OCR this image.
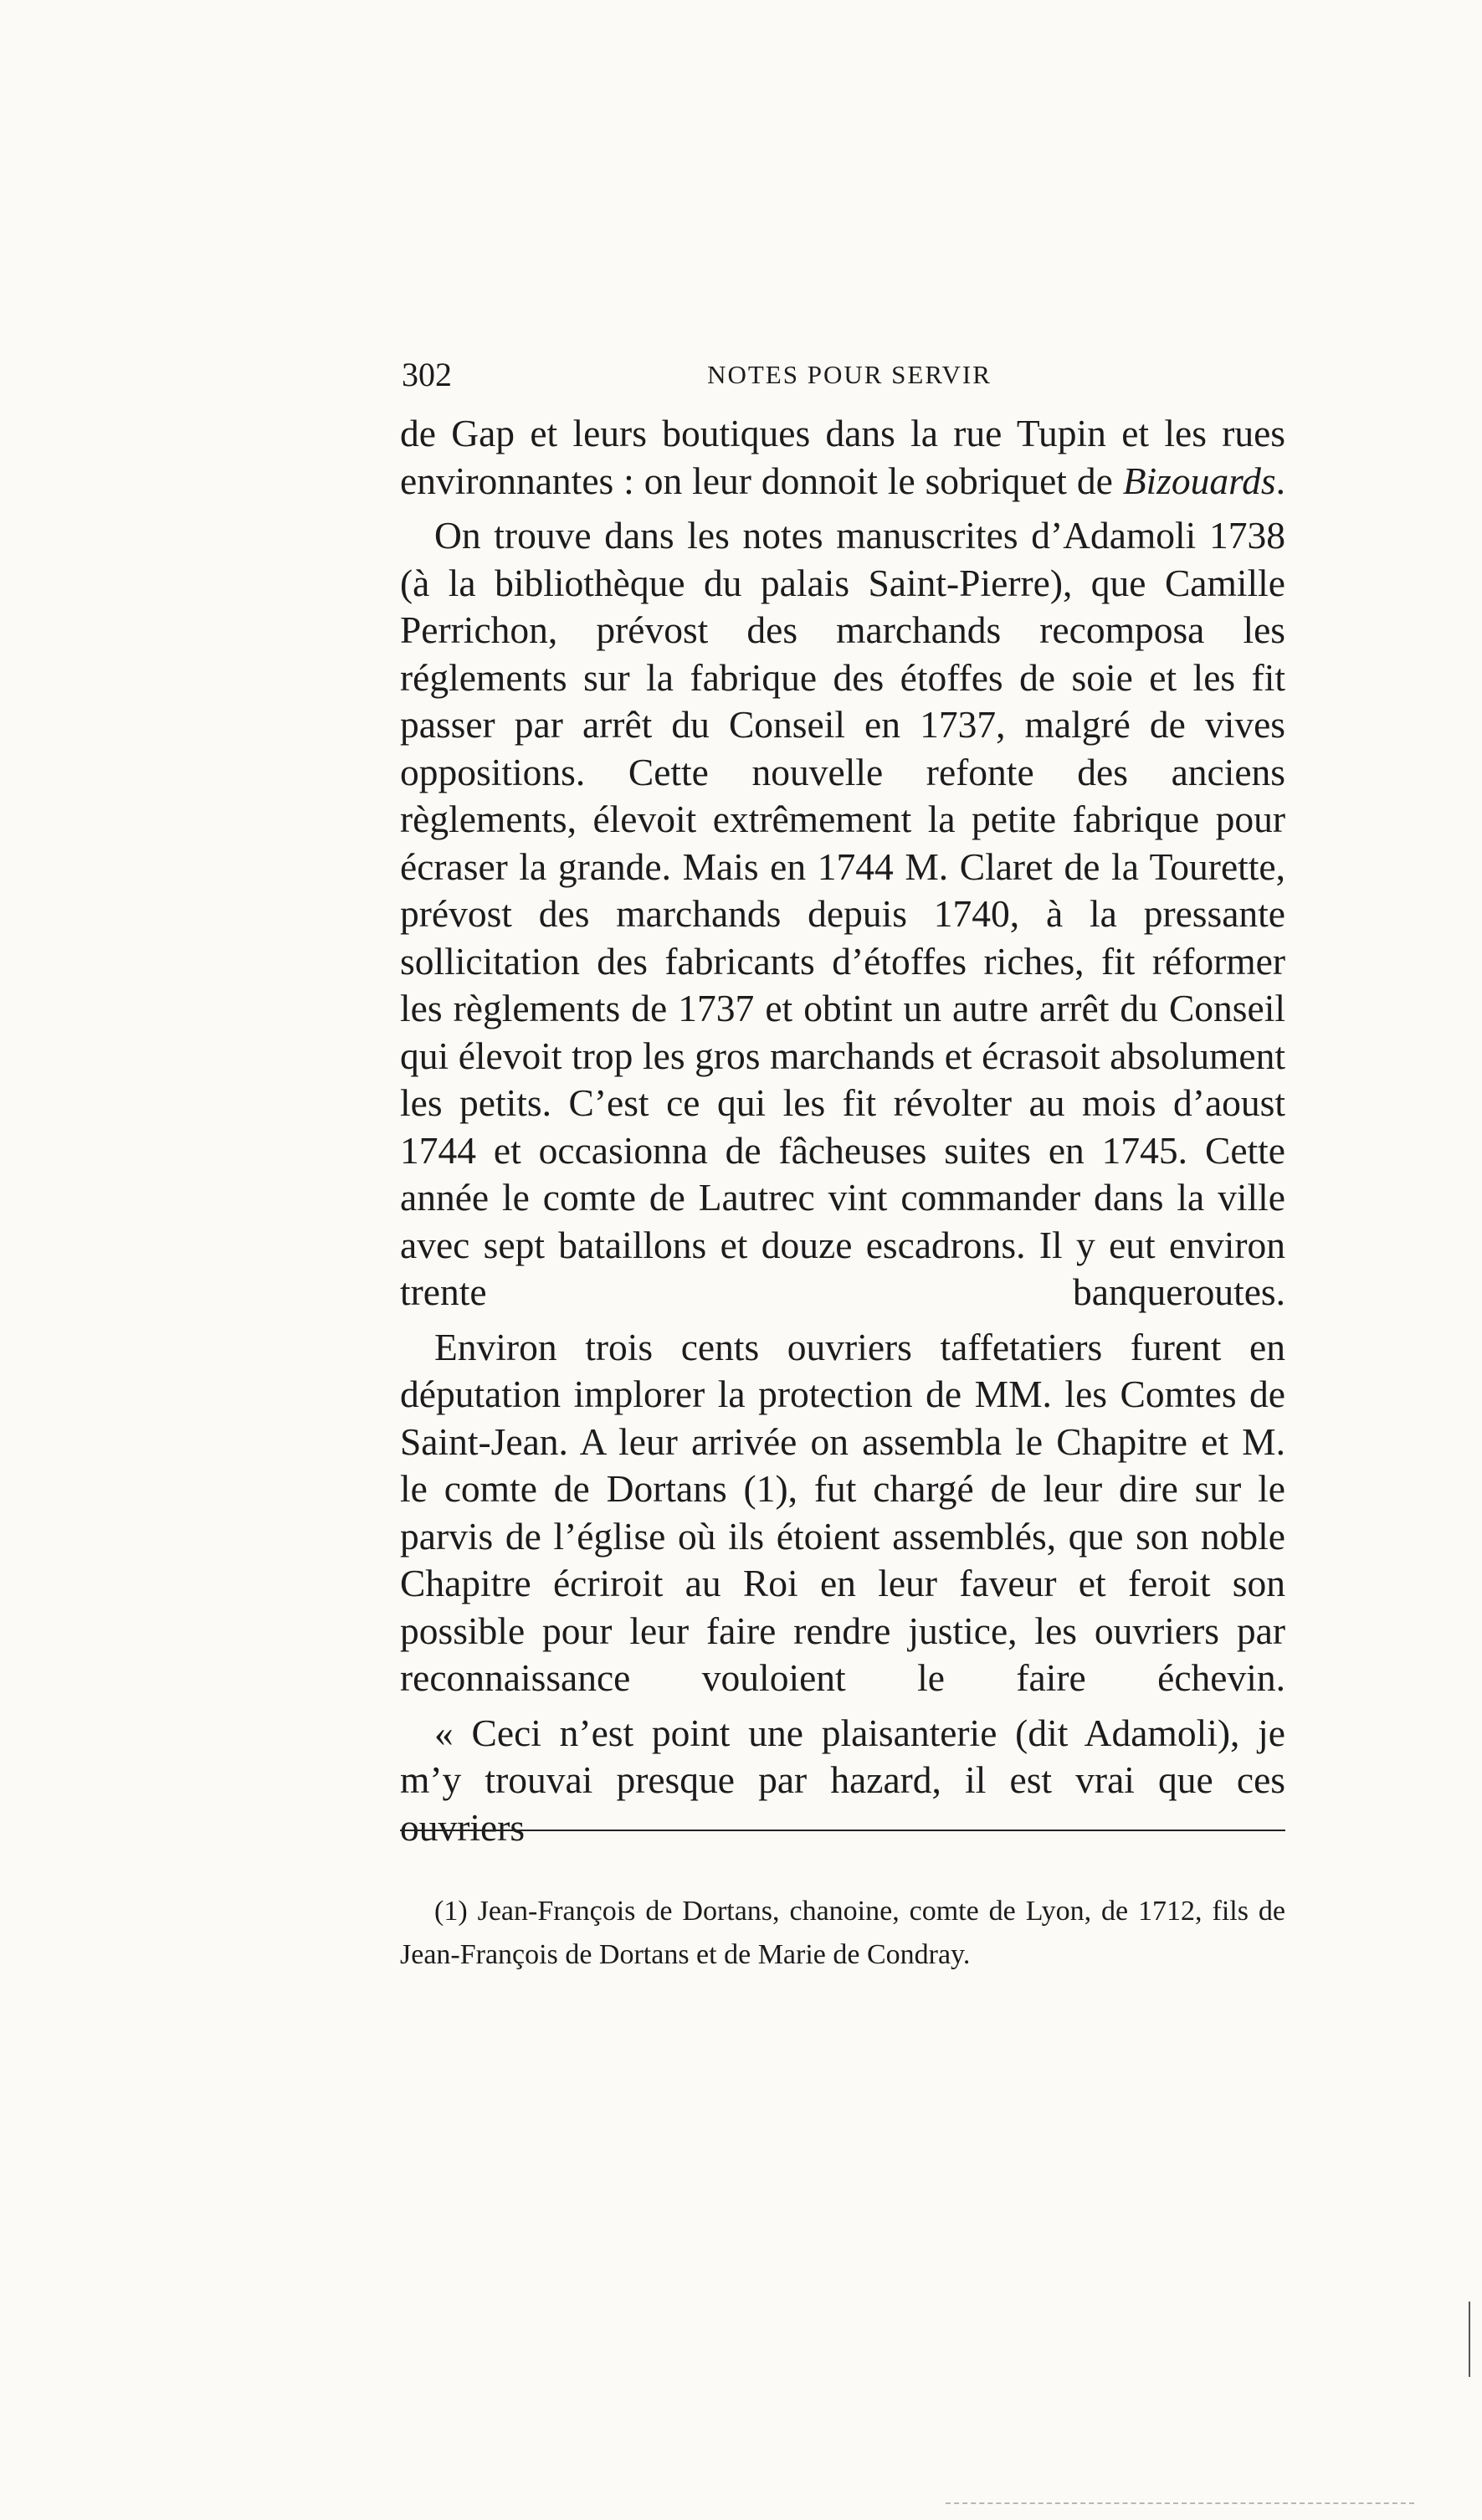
302	NOTES POUR SERVIR

de Gap et leurs boutiques dans la rue Tupin et les rues environnantes : on leur donnoit le sobriquet de Bizouards.

On trouve dans les notes manuscrites d’Adamoli 1738 (à la bibliothèque du palais Saint-Pierre), que Camille Perrichon, prévost des marchands recomposa les réglements sur la fabrique des étoffes de soie et les fit passer par arrêt du Conseil en 1737, malgré de vives oppositions. Cette nouvelle refonte des anciens règlements, élevoit extrêmement la petite fabrique pour écraser la grande. Mais en 1744 M. Claret de la Tourette, prévost des marchands depuis 1740, à la pressante sollicitation des fabricants d’étoffes riches, fit réformer les règlements de 1737 et obtint un autre arrêt du Conseil qui élevoit trop les gros marchands et écrasoit absolument les petits. C’est ce qui les fit révolter au mois d’aoust 1744 et occasionna de fâcheuses suites en 1745. Cette année le comte de Lautrec vint commander dans la ville avec sept bataillons et douze escadrons. Il y eut environ trente banqueroutes.

Environ trois cents ouvriers taffetatiers furent en députation implorer la protection de MM. les Comtes de Saint-Jean. A leur arrivée on assembla le Chapitre et M. le comte de Dortans (1), fut chargé de leur dire sur le parvis de l’église où ils étoient assemblés, que son noble Chapitre écriroit au Roi en leur faveur et feroit son possible pour leur faire rendre justice, les ouvriers par reconnaissance vouloient le faire échevin.

« Ceci n’est point une plaisanterie (dit Adamoli), je m’y trouvai presque par hazard, il est vrai que ces ouvriers

(1) Jean-François de Dortans, chanoine, comte de Lyon, de 1712, fils de Jean-François de Dortans et de Marie de Condray.
